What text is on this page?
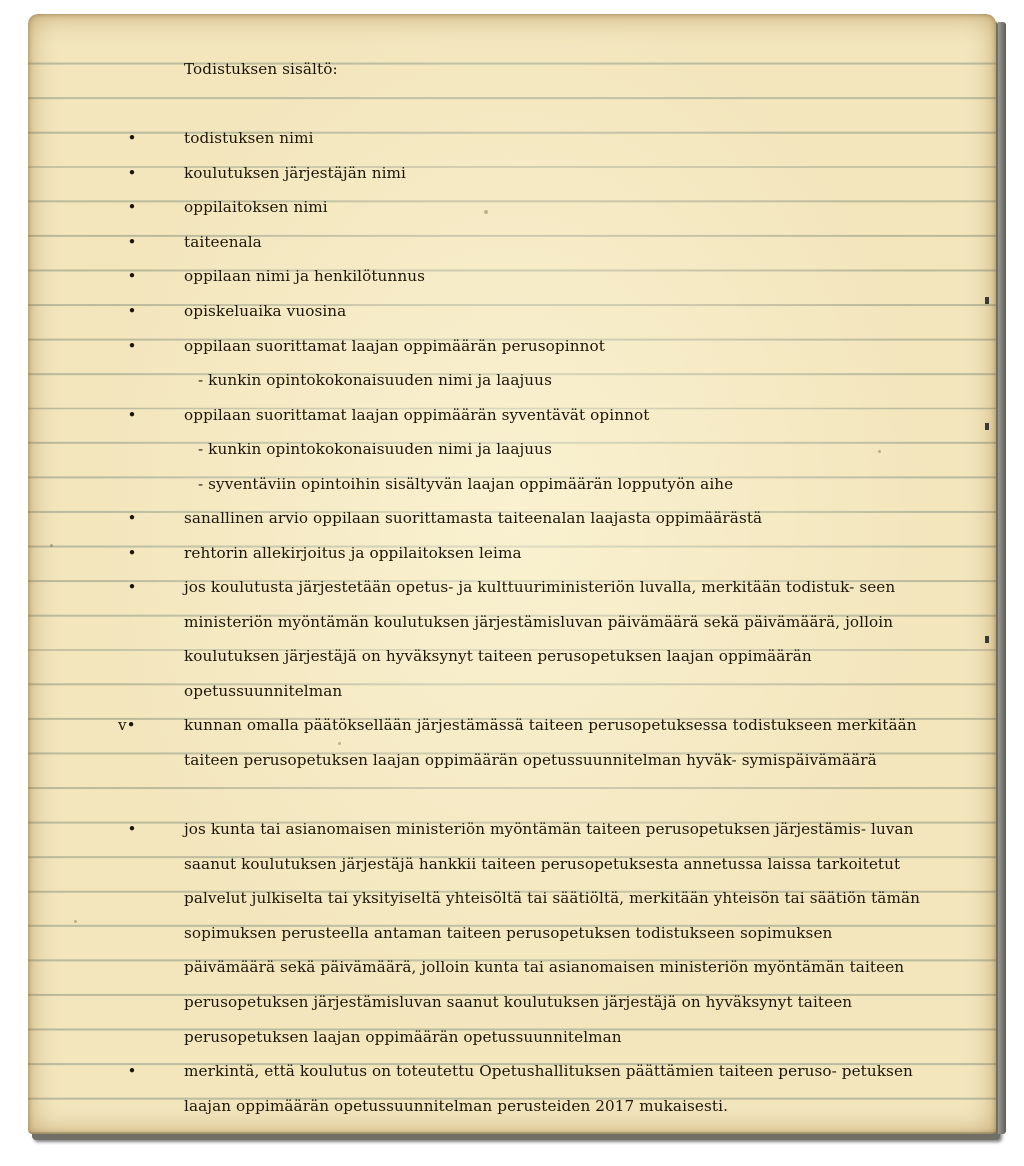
Todistuksen sisältö:
•	todistuksen nimi
•	koulutuksen järjestäjän nimi
•	oppilaitoksen nimi
•	taiteenala
•	oppilaan nimi ja henkilötunnus
•	opiskeluaika vuosina
•	oppilaan suorittamat laajan oppimäärän perusopinnot
- kunkin opintokokonaisuuden nimi ja laajuus
•	oppilaan suorittamat laajan oppimäärän syventävät opinnot
- kunkin opintokokonaisuuden nimi ja laajuus
- syventäviin opintoihin sisältyvän laajan oppimäärän lopputyön aihe
•	sanallinen arvio oppilaan suorittamasta taiteenalan laajasta oppimäärästä
•	rehtorin allekirjoitus ja oppilaitoksen leima
•	jos koulutusta järjestetään opetus- ja kulttuuriministeriön luvalla, merkitään todistuk- seen ministeriön myöntämän koulutuksen järjestämisluvan päivämäärä sekä päivämäärä, jolloin koulutuksen järjestäjä on hyväksynyt taiteen perusopetuksen laajan oppimäärän opetussuunnitelman
v•	kunnan omalla päätöksellään järjestämässä taiteen perusopetuksessa todistukseen merkitään taiteen perusopetuksen laajan oppimäärän opetussuunnitelman hyväk- symispäivämäärä
•	jos kunta tai asianomaisen ministeriön myöntämän taiteen perusopetuksen järjestämis- luvan saanut koulutuksen järjestäjä hankkii taiteen perusopetuksesta annetussa laissa tarkoitetut palvelut julkiselta tai yksityiseltä yhteisöltä tai säätiöltä, merkitään yhteisön tai säätiön tämän sopimuksen perusteella antaman taiteen perusopetuksen todistukseen sopimuksen päivämäärä sekä päivämäärä, jolloin kunta tai asianomaisen ministeriön myöntämän taiteen perusopetuksen järjestämisluvan saanut koulutuksen järjestäjä on hyväksynyt taiteen perusopetuksen laajan oppimäärän opetussuunnitelman
•	merkintä, että koulutus on toteutettu Opetushallituksen päättämien taiteen peruso- petuksen laajan oppimäärän opetussuunnitelman perusteiden 2017 mukaisesti.
